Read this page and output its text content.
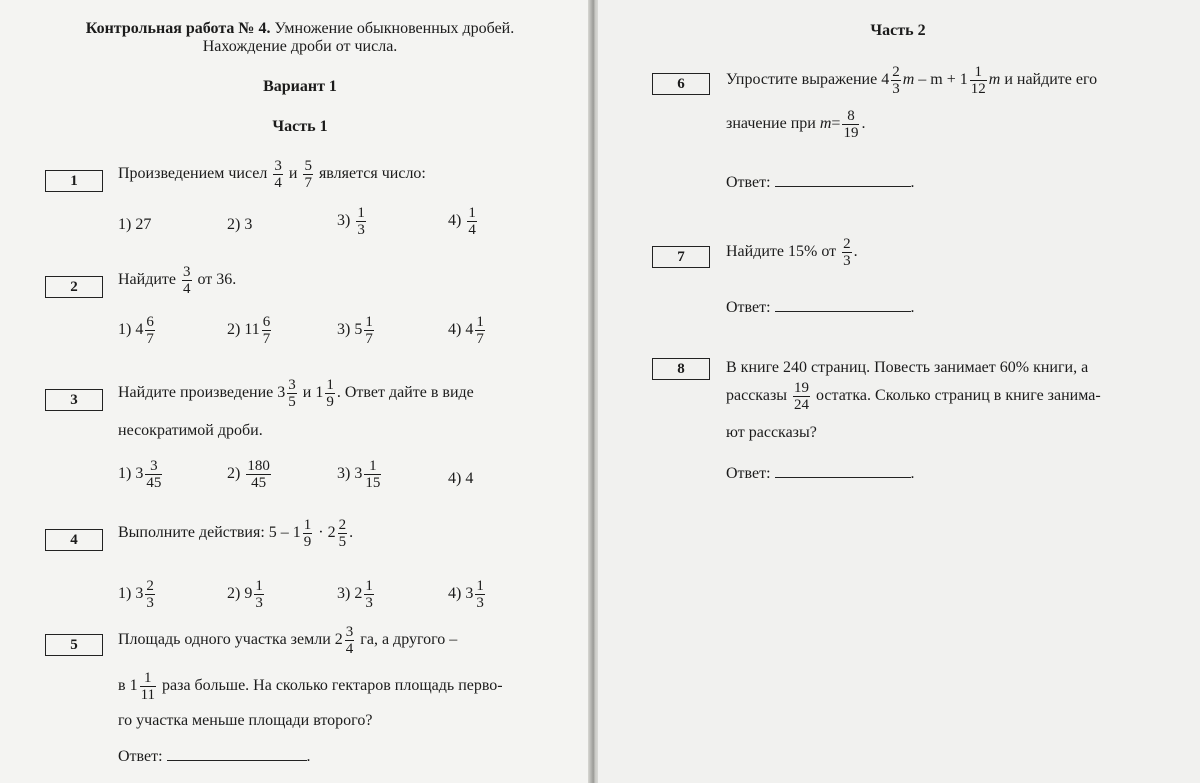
Контрольная работа № 4. Умножение обыкновенных дробей.
Нахождение дроби от числа.
Вариант 1
Часть 1
1	Произведением чисел $\frac{3}{4}$ и $\frac{5}{7}$ является число:
1) 27	2) 3	$3) \frac{1}{3}$	$4) \frac{1}{4}$
2	Найдите $\frac{3}{4}$ от 36.
1) $4 \frac{6}{7}$	2) $11 \frac{6}{7}$	3) $5 \frac{1}{7}$	4) $4 \frac{1}{7}$
3	Найдите произведение $3 \frac{3}{5}$ и $1 \frac{1}{9}$ . Ответ дайте в виде
несократимой дроби.
1) $3 \frac{3}{45}$	$2) \frac{180}{45}$	3) $3 \frac{1}{15}$	4) 4
4	Выполните действия: $5 - 1 \frac{1}{9} \cdot 2 \frac{2}{5}$ .
1) $3 \frac{2}{3}$	2) $9 \frac{1}{3}$	3) $2 \frac{1}{3}$	4) $3 \frac{1}{3}$
5	Площадь одного участка земли $2 \frac{3}{4}$ га, а другого –
в $1 \frac{1}{11}$ раза больше. На сколько гектаров площадь перво-
го участка меньше площади второго?
Ответ:	.
Часть 2
6	Упростите выражение $4 \frac{2}{3}$ $m - m + 1 \frac{1}{12}$ m и найдите его
значение при $m= \frac{8}{19}$ .
Ответ:	.
7	Найдите 15% от $\frac{2}{3}$ .
Ответ:	.
8	В книге 240 страниц. Повесть занимает 60% книги, а
рассказы $\frac{19}{24}$ остатка. Сколько страниц в книге занима-
ют рассказы?
Ответ:	.
